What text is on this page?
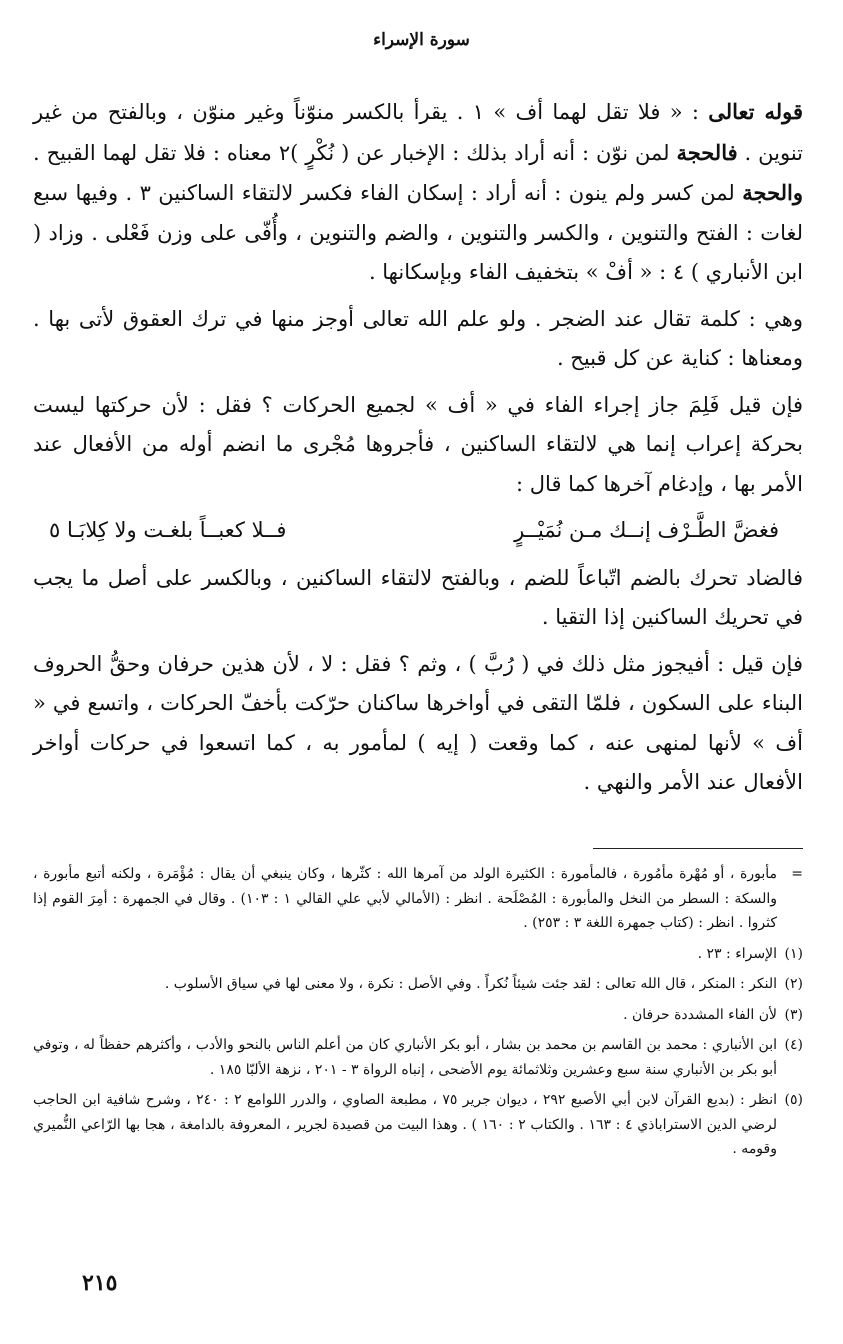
سورة الإسراء

قوله تعالى : « فلا تقل لهما أف » ١ . يقرأ بالكسر منوّناً وغير منوّن ، وبالفتح من غير تنوين . فالحجة لمن نوّن : أنه أراد بذلك : الإخبار عن ( نُكْرٍ )٢ معناه : فلا تقل لهما القبيح . والحجة لمن كسر ولم ينون : أنه أراد : إسكان الفاء فكسر لالتقاء الساكنين ٣ . وفيها سبع لغات : الفتح والتنوين ، والكسر والتنوين ، والضم والتنوين ، وأُفّى على وزن فَعْلى . وزاد ( ابن الأنباري ) ٤ : « أفْ » بتخفيف الفاء وبإسكانها .

وهي : كلمة تقال عند الضجر . ولو علم الله تعالى أوجز منها في ترك العقوق لأتى بها . ومعناها : كناية عن كل قبيح .

فإن قيل فَلِمَ جاز إجراء الفاء في « أف » لجميع الحركات ؟ فقل : لأن حركتها ليست بحركة إعراب إنما هي لالتقاء الساكنين ، فأجروها مُجْرى ما انضم أوله من الأفعال عند الأمر بها ، وإدغام آخرها كما قال :

فغضَّ الطَّـرْف إنــك مـن نُمَيْــرٍ
فــلا كعبــاً بلغـت ولا كِلابَـا ٥

فالضاد تحرك بالضم اتّباعاً للضم ، وبالفتح لالتقاء الساكنين ، وبالكسر على أصل ما يجب في تحريك الساكنين إذا التقيا .

فإن قيل : أفيجوز مثل ذلك في ( رُبَّ ) ، وثم ؟ فقل : لا ، لأن هذين حرفان وحقُّ الحروف البناء على السكون ، فلمّا التقى في أواخرها ساكنان حرّكت بأخفّ الحركات ، واتسع في « أف » لأنها لمنهى عنه ، كما وقعت ( إيه ) لمأمور به ، كما اتسعوا في حركات أواخر الأفعال عند الأمر والنهي .

=
مأبورة ، أو مُهْرة مأمُورة ، فالمأمورة : الكثيرة الولد من آمرها الله : كثّرها ، وكان ينبغي أن يقال : مُؤْمَرة ، ولكنه أتبع مأبورة ، والسكة : السطر من النخل والمأبورة : المُصْلَحة . انظر : (الأمالي لأبي علي القالي ١ : ١٠٣) . وقال في الجمهرة : أمِرَ القوم إذا كثروا . انظر : (كتاب جمهرة اللغة ٣ : ٢٥٣) .
(١)
الإسراء : ٢٣ .
(٢)
النكر : المنكر ، قال الله تعالى : لقد جئت شيئاً نُكراً . وفي الأصل : نكرة ، ولا معنى لها في سياق الأسلوب .
(٣)
لأن الفاء المشددة حرفان .
(٤)
ابن الأنباري : محمد بن القاسم بن محمد بن بشار ، أبو بكر الأنباري كان من أعلم الناس بالنحو والأدب ، وأكثرهم حفظاً له ، وتوفي أبو بكر بن الأنباري سنة سبع وعشرين وثلاثمائة يوم الأضحى ، إنباه الرواة ٣ - ٢٠١ ، نزهة الألبّا ١٨٥ .
(٥)
انظر : (بديع القرآن لابن أبي الأصبع ٢٩٢ ، ديوان جرير ٧٥ ، مطبعة الصاوي ، والدرر اللوامع ٢ : ٢٤٠ ، وشرح شافية ابن الحاجب لرضي الدين الاستراباذي ٤ : ١٦٣ . والكتاب ٢ : ١٦٠ ) . وهذا البيت من قصيدة لجرير ، المعروفة بالدامغة ، هجا بها الرّاعي النُّميري وقومه .
٢١٥
